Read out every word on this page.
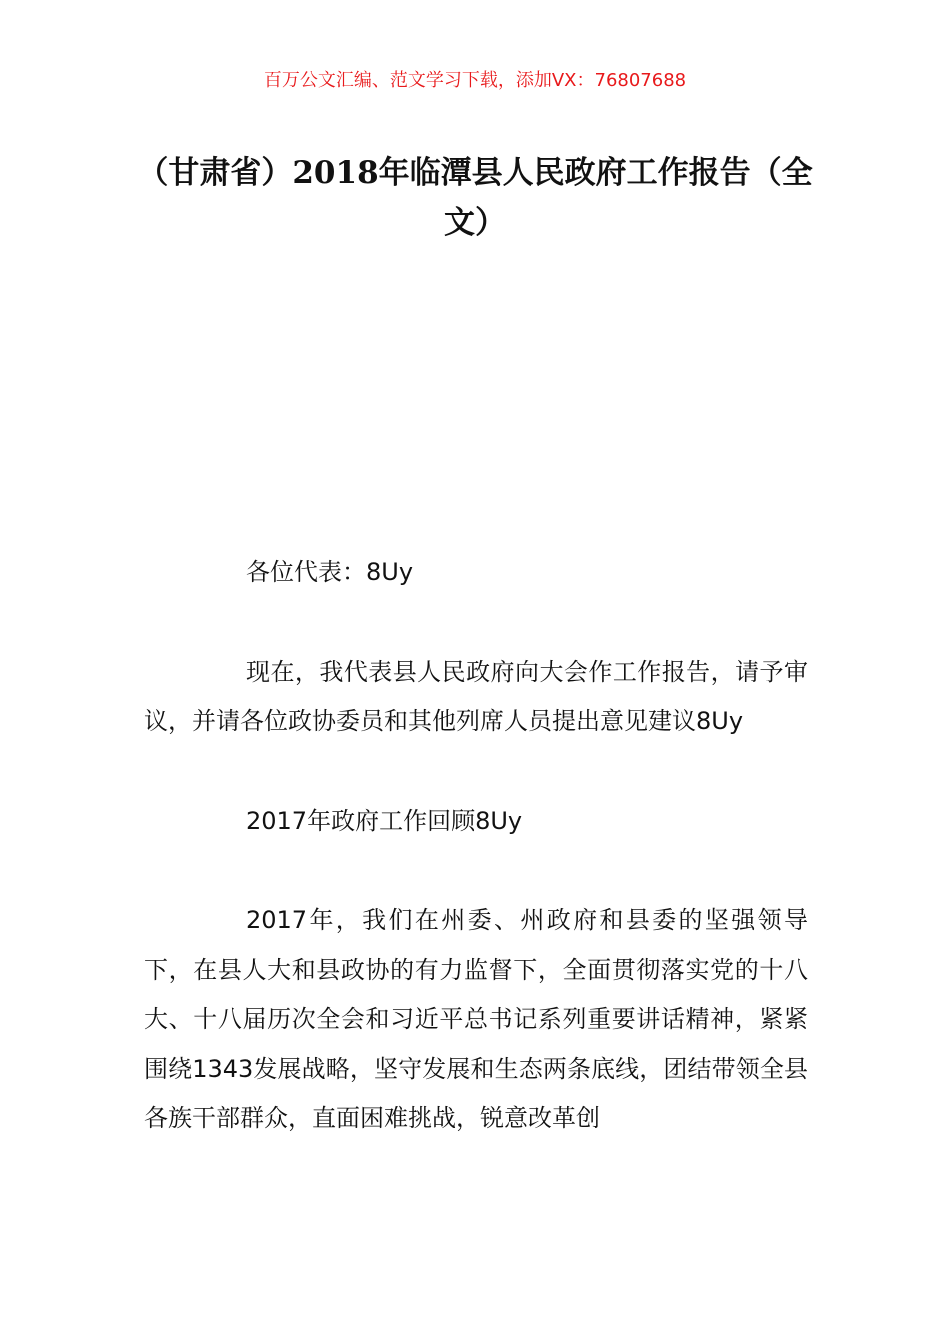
百万公文汇编、范文学习下载，添加VX：76807688
（甘肃省）2018年临潭县人民政府工作报告（全文）

各位代表：8Uy

现在，我代表县人民政府向大会作工作报告，请予审议，并请各位政协委员和其他列席人员提出意见建议8Uy

2017年政府工作回顾8Uy

2017年，我们在州委、州政府和县委的坚强领导下，在县人大和县政协的有力监督下，全面贯彻落实党的十八大、十八届历次全会和习近平总书记系列重要讲话精神，紧紧围绕1343发展战略，坚守发展和生态两条底线，团结带领全县各族干部群众，直面困难挑战，锐意改革创
